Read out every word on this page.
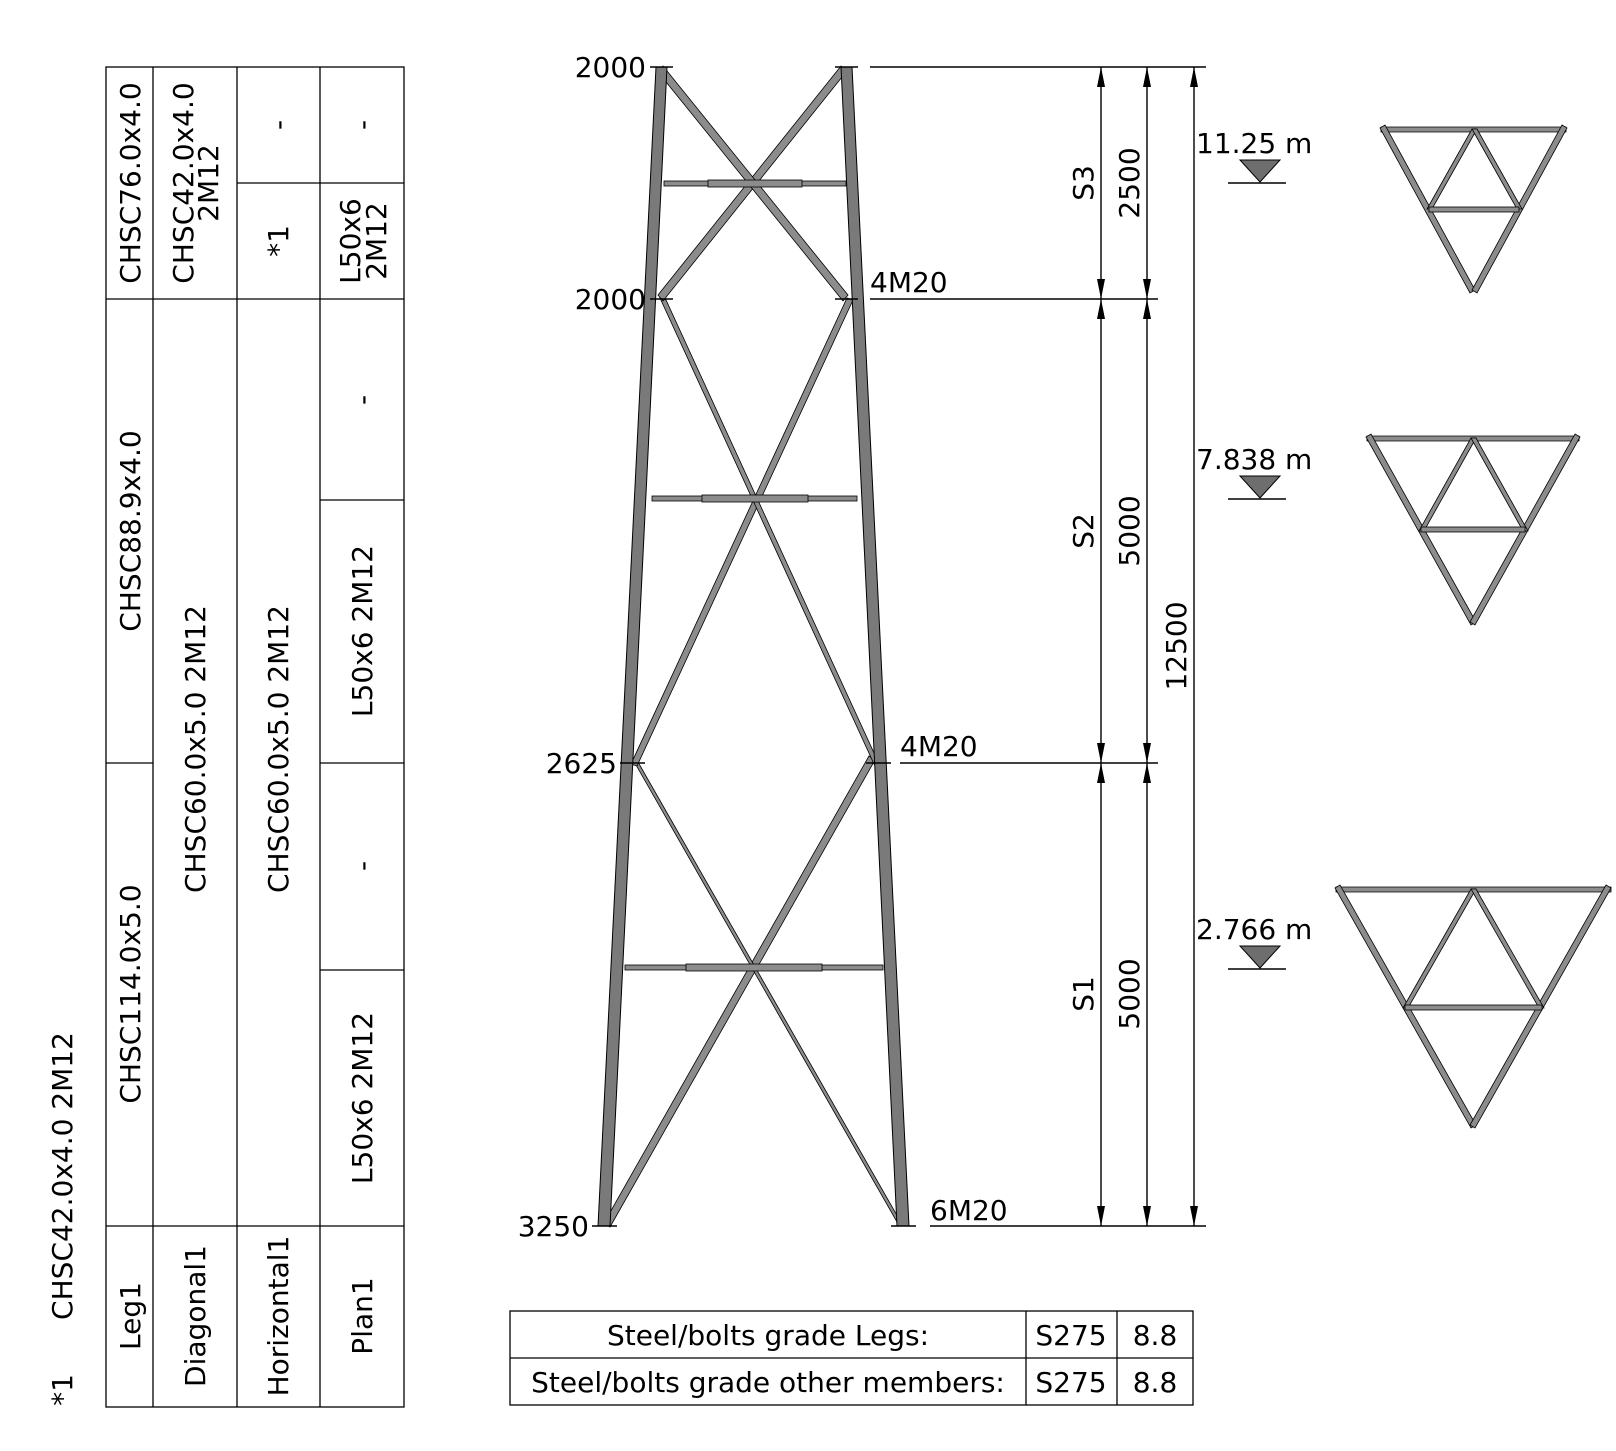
*1
CHSC42.0x4.0 2M12 Leg1 Diagonal1 Horizontal1 Plan1
CHSC114.0x5.0
CHSC88.9x4.0
CHSC76.0x4.0
CHSC60.0x5.0 2M12
CHSC42.0x4.0
2M12
CHSC60.0x5.0 2M12
*1
-
L50x6 2M12
-
L50x6 2M12
-
L50x6
2M12
-
3250
2625
2000
2000
6M20
4M20
4M20
S1
S2
S3
5000
5000
2500
12500
11.25 m
7.838 m
2.766 m
Steel/bolts grade Legs:	S275 8.8
Steel/bolts grade other members: S275 8.8
